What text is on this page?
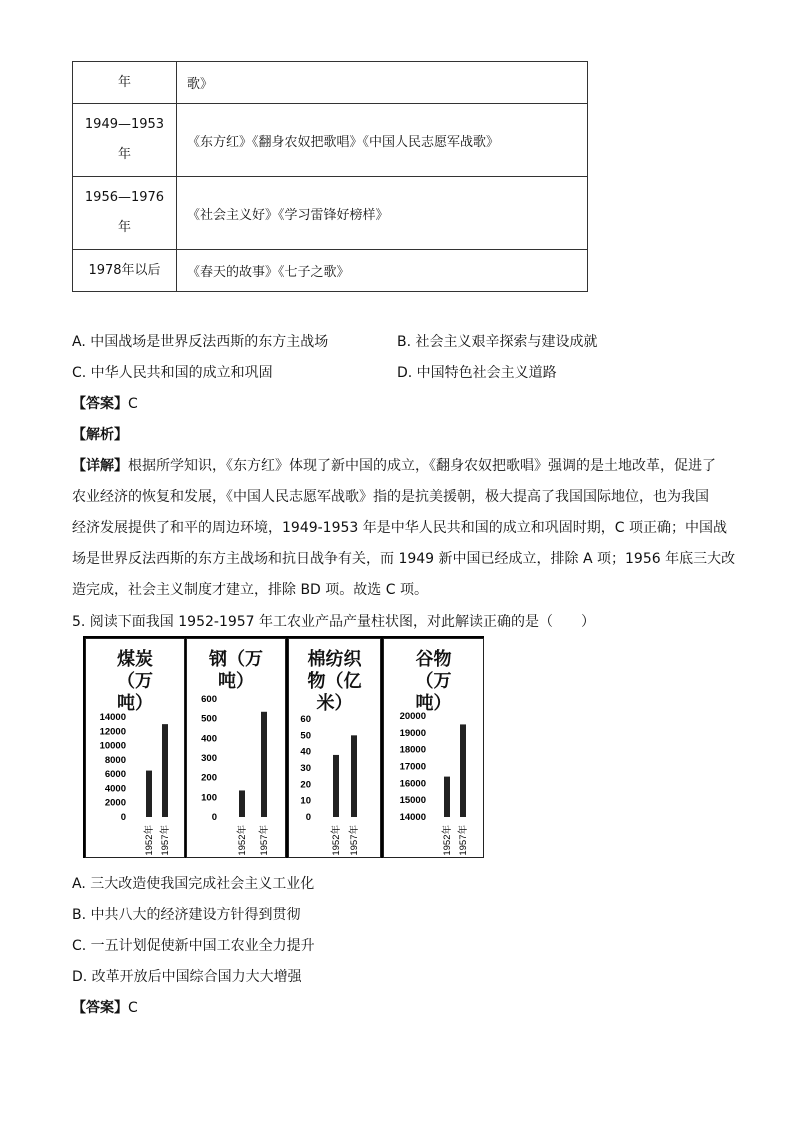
年	歌》

1949—1953
年	《东方红》《翻身农奴把歌唱》《中国人民志愿军战歌》

1956—1976
年	《社会主义好》《学习雷锋好榜样》
1978年以后	《春天的故事》《七子之歌》
A. 中国战场是世界反法西斯的东方主战场	B. 社会主义艰辛探索与建设成就
C. 中华人民共和国的成立和巩固	D. 中国特色社会主义道路
【答案】C
【解析】
【详解】根据所学知识，《东方红》体现了新中国的成立，《翻身农奴把歌唱》强调的是土地改革，促进了
农业经济的恢复和发展，《中国人民志愿军战歌》指的是抗美援朝，极大提高了我国国际地位，也为我国
经济发展提供了和平的周边环境，1949-1953 年是中华人民共和国的成立和巩固时期，C 项正确；中国战
场是世界反法西斯的东方主战场和抗日战争有关，而 1949 新中国已经成立，排除 A 项；1956 年底三大改
造完成，社会主义制度才建立，排除 BD 项。故选 C 项。
5. 阅读下面我国 1952-1957 年工农业产品产量柱状图，对此解读正确的是（　　）
煤炭
（万
吨）
14000
12000
10000
8000
6000
4000
2000
0
1952年 1957年
钢（万
吨）
600
500
400
300
200
100
0
1952年 1957年
棉纺织
物（亿
米）
60
50
40
30
20
10
0
1952年 1957年
谷物
（万
吨）
20000
19000
18000
17000
16000
15000
14000
1952年 1957年
A. 三大改造使我国完成社会主义工业化
B. 中共八大的经济建设方针得到贯彻
C. 一五计划促使新中国工农业全力提升
D. 改革开放后中国综合国力大大增强
【答案】C
